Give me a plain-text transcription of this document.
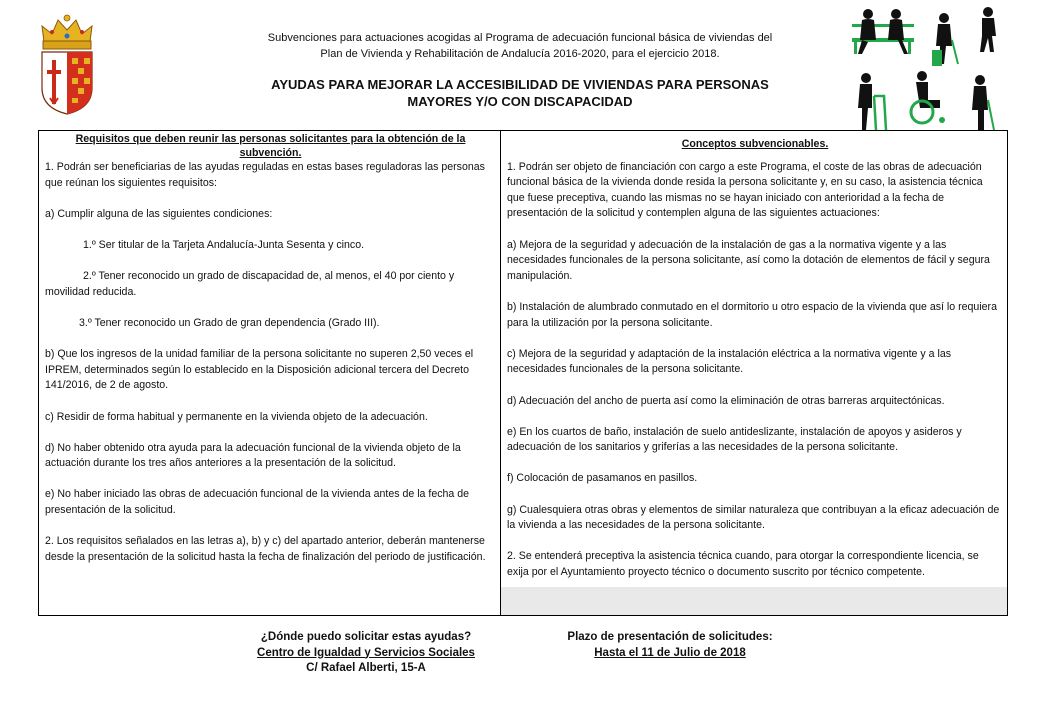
Subvenciones para actuaciones acogidas al Programa de adecuación funcional básica de viviendas del
Plan de Vivienda y Rehabilitación de Andalucía 2016-2020, para el ejercicio 2018.
AYUDAS PARA MEJORAR LA ACCESIBILIDAD DE VIVIENDAS PARA PERSONAS
MAYORES Y/O CON DISCAPACIDAD
Requisitos que deben reunir las personas solicitantes para la obtención de la
subvención.

1. Podrán ser beneficiarias de las ayudas reguladas en estas bases reguladoras las personas que reúnan los siguientes requisitos:

a) Cumplir alguna de las siguientes condiciones:

1.º Ser titular de la Tarjeta Andalucía-Junta Sesenta y cinco.

2.º Tener reconocido un grado de discapacidad de, al menos, el 40 por ciento y movilidad reducida.

3.º Tener reconocido un Grado de gran dependencia (Grado III).

b) Que los ingresos de la unidad familiar de la persona solicitante no superen 2,50 veces el IPREM, determinados según lo establecido en la Disposición adicional tercera del Decreto 141/2016, de 2 de agosto.

c) Residir de forma habitual y permanente en la vivienda objeto de la adecuación.

d) No haber obtenido otra ayuda para la adecuación funcional de la vivienda objeto de la actuación durante los tres años anteriores a la presentación de la solicitud.

e) No haber iniciado las obras de adecuación funcional de la vivienda antes de la fecha de presentación de la solicitud.

2. Los requisitos señalados en las letras a), b) y c) del apartado anterior, deberán mantenerse desde la presentación de la solicitud hasta la fecha de finalización del periodo de justificación.

Conceptos subvencionables.

1. Podrán ser objeto de financiación con cargo a este Programa, el coste de las obras de adecuación funcional básica de la vivienda donde resida la persona solicitante y, en su caso, la asistencia técnica que fuese preceptiva, cuando las mismas no se hayan iniciado con anterioridad a la fecha de presentación de la solicitud y contemplen alguna de las siguientes actuaciones:

a) Mejora de la seguridad y adecuación de la instalación de gas a la normativa vigente y a las necesidades funcionales de la persona solicitante, así como la dotación de elementos de fácil y segura manipulación.

b) Instalación de alumbrado conmutado en el dormitorio u otro espacio de la vivienda que así lo requiera para la utilización por la persona solicitante.

c) Mejora de la seguridad y adaptación de la instalación eléctrica a la normativa vigente y a las necesidades funcionales de la persona solicitante.

d) Adecuación del ancho de puerta así como la eliminación de otras barreras arquitectónicas.

e) En los cuartos de baño, instalación de suelo antideslizante, instalación de apoyos y asideros y adecuación de los sanitarios y griferías a las necesidades de la persona solicitante.

f) Colocación de pasamanos en pasillos.

g) Cualesquiera otras obras y elementos de similar naturaleza que contribuyan a la eficaz adecuación de la vivienda a las necesidades de la persona solicitante.

2. Se entenderá preceptiva la asistencia técnica cuando, para otorgar la correspondiente licencia, se exija por el Ayuntamiento proyecto técnico o documento suscrito por técnico competente.

¿Dónde puedo solicitar estas ayudas?
Centro de Igualdad y Servicios Sociales
C/ Rafael Alberti, 15-A
Plazo de presentación de solicitudes:
Hasta el 11 de Julio de 2018
